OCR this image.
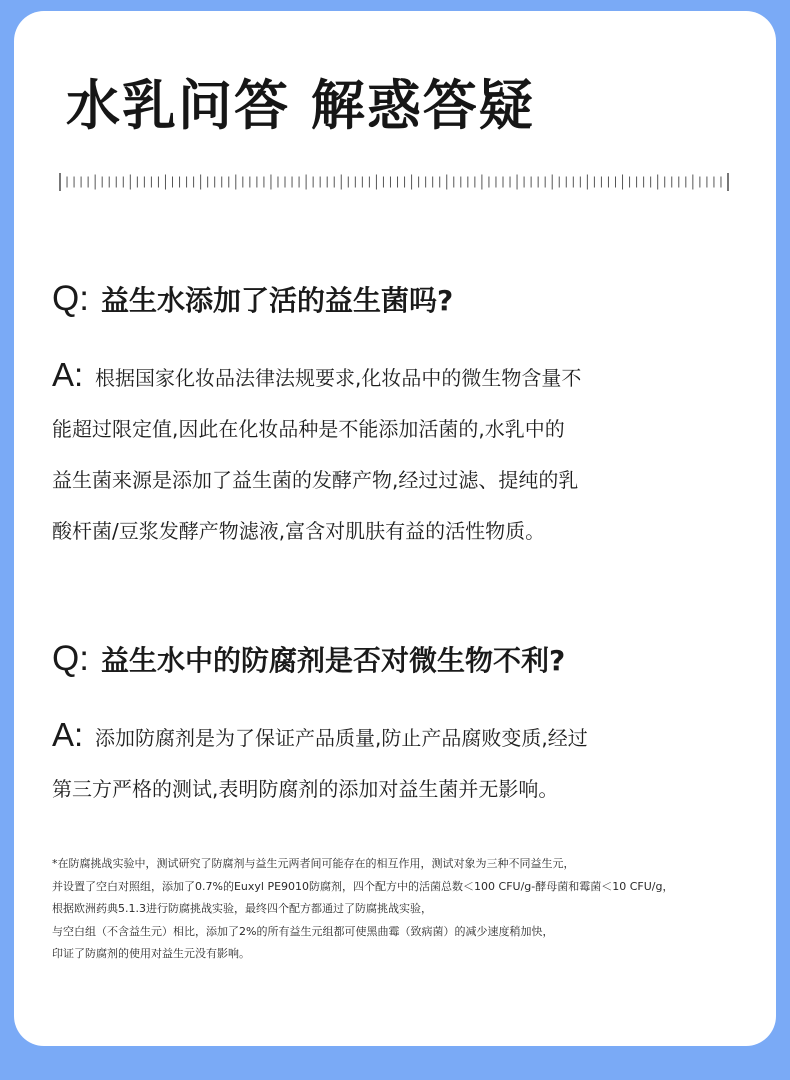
水乳问答 解惑答疑
Q: 益生水添加了活的益生菌吗?
A: 根据国家化妆品法律法规要求,化妆品中的微生物含量不
能超过限定值,因此在化妆品种是不能添加活菌的,水乳中的
益生菌来源是添加了益生菌的发酵产物,经过过滤、提纯的乳
酸杆菌/豆浆发酵产物滤液,富含对肌肤有益的活性物质。
Q: 益生水中的防腐剂是否对微生物不利?
A: 添加防腐剂是为了保证产品质量,防止产品腐败变质,经过
第三方严格的测试,表明防腐剂的添加对益生菌并无影响。
*在防腐挑战实验中，测试研究了防腐剂与益生元两者间可能存在的相互作用，测试对象为三种不同益生元，
并设置了空白对照组，添加了0.7%的Euxyl PE9010防腐剂，四个配方中的活菌总数＜100 CFU/g-酵母菌和霉菌＜10 CFU/g，
根据欧洲药典5.1.3进行防腐挑战实验，最终四个配方都通过了防腐挑战实验，
与空白组（不含益生元）相比，添加了2%的所有益生元组都可使黑曲霉（致病菌）的减少速度稍加快，
印证了防腐剂的使用对益生元没有影响。
